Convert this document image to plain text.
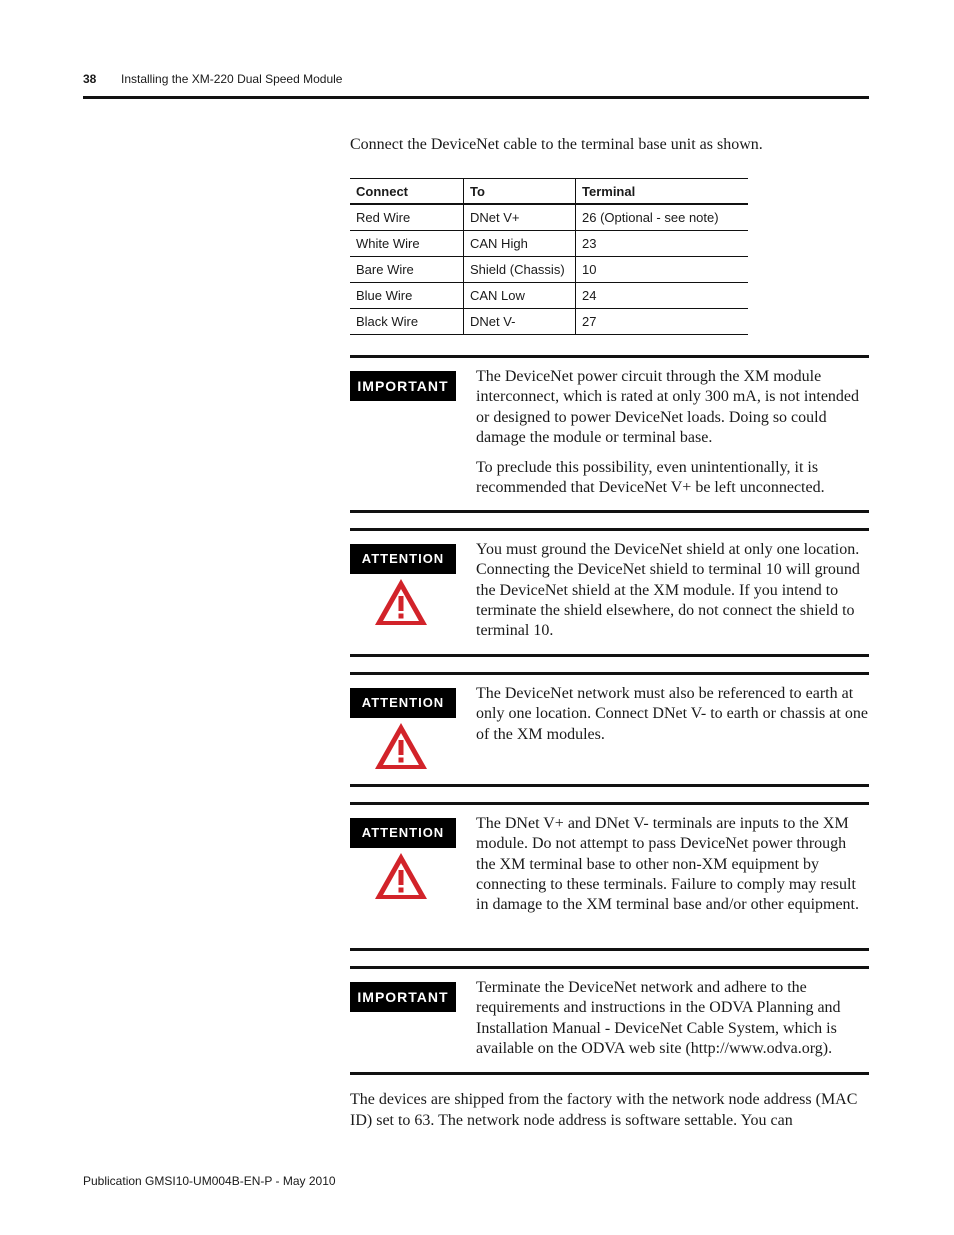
38 Installing the XM-220 Dual Speed Module
Connect the DeviceNet cable to the terminal base unit as shown.
Connect	To	Terminal
Red Wire	DNet V+	26 (Optional - see note)
White Wire	CAN High	23
Bare Wire	Shield (Chassis)	10
Blue Wire	CAN Low	24
Black Wire	DNet V-	27
IMPORTANT

The DeviceNet power circuit through the XM module interconnect, which is rated at only 300 mA, is not intended or designed to power DeviceNet loads. Doing so could damage the module or terminal base.

To preclude this possibility, even unintentionally, it is recommended that DeviceNet V+ be left unconnected.

ATTENTION

You must ground the DeviceNet shield at only one location. Connecting the DeviceNet shield to terminal 10 will ground the DeviceNet shield at the XM module. If you intend to terminate the shield elsewhere, do not connect the shield to terminal 10.

ATTENTION

The DeviceNet network must also be referenced to earth at only one location. Connect DNet V- to earth or chassis at one of the XM modules.

ATTENTION

The DNet V+ and DNet V- terminals are inputs to the XM module. Do not attempt to pass DeviceNet power through the XM terminal base to other non-XM equipment by connecting to these terminals. Failure to comply may result in damage to the XM terminal base and/or other equipment.

IMPORTANT

Terminate the DeviceNet network and adhere to the requirements and instructions in the ODVA Planning and Installation Manual - DeviceNet Cable System, which is available on the ODVA web site (http://www.odva.org).

The devices are shipped from the factory with the network node address (MAC ID) set to 63. The network node address is software settable. You can
Publication GMSI10-UM004B-EN-P - May 2010
